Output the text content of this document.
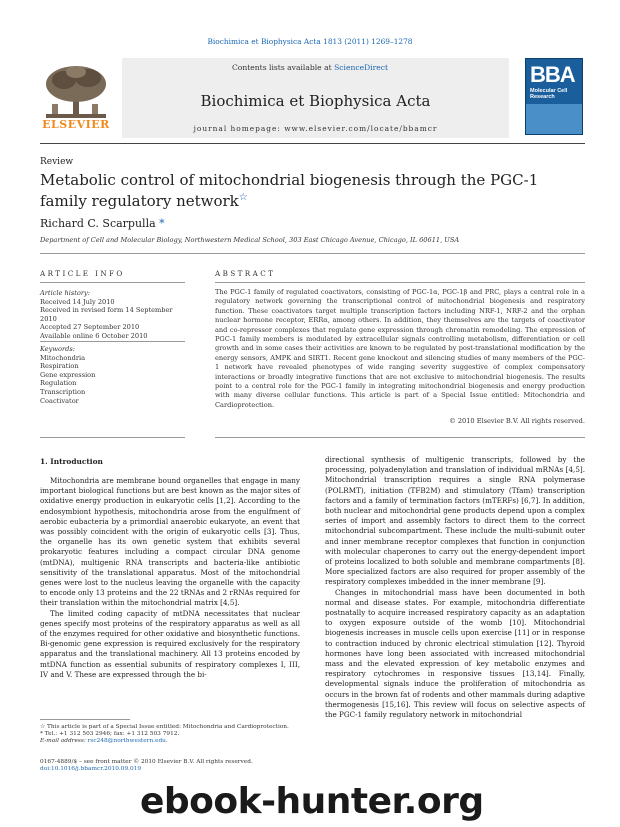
Biochimica et Biophysica Acta 1813 (2011) 1269–1278
Contents lists available at ScienceDirect
Biochimica et Biophysica Acta
journal homepage: www.elsevier.com/locate/bbamcr
ELSEVIER
BBA
Molecular Cell Research
Review
Metabolic control of mitochondrial biogenesis through the PGC-1 family regulatory network☆
Richard C. Scarpulla *
Department of Cell and Molecular Biology, Northwestern Medical School, 303 East Chicago Avenue, Chicago, IL 60611, USA
ARTICLE INFO
Article history:
Received 14 July 2010
Received in revised form 14 September 2010
Accepted 27 September 2010
Available online 6 October 2010
Keywords:
Mitochondria
Respiration
Gene expression
Regulation
Transcription
Coactivator
ABSTRACT
The PGC-1 family of regulated coactivators, consisting of PGC-1α, PGC-1β and PRC, plays a central role in a regulatory network governing the transcriptional control of mitochondrial biogenesis and respiratory function. These coactivators target multiple transcription factors including NRF-1, NRF-2 and the orphan nuclear hormone receptor, ERRα, among others. In addition, they themselves are the targets of coactivator and co-repressor complexes that regulate gene expression through chromatin remodeling. The expression of PGC-1 family members is modulated by extracellular signals controlling metabolism, differentiation or cell growth and in some cases their activities are known to be regulated by post-translational modification by the energy sensors, AMPK and SIRT1. Recent gene knockout and silencing studies of many members of the PGC-1 network have revealed phenotypes of wide ranging severity suggestive of complex compensatory interactions or broadly integrative functions that are not exclusive to mitochondrial biogenesis. The results point to a central role for the PGC-1 family in integrating mitochondrial biogenesis and energy production with many diverse cellular functions. This article is part of a Special Issue entitled: Mitochondria and Cardioprotection.
© 2010 Elsevier B.V. All rights reserved.
1. Introduction

Mitochondria are membrane bound organelles that engage in many important biological functions but are best known as the major sites of oxidative energy production in eukaryotic cells [1,2]. According to the endosymbiont hypothesis, mitochondria arose from the engulfment of aerobic eubacteria by a primordial anaerobic eukaryote, an event that was possibly coincident with the origin of eukaryotic cells [3]. Thus, the organelle has its own genetic system that exhibits several prokaryotic features including a compact circular DNA genome (mtDNA), multigenic RNA transcripts and bacteria-like antibiotic sensitivity of the translational apparatus. Most of the mitochondrial genes were lost to the nucleus leaving the organelle with the capacity to encode only 13 proteins and the 22 tRNAs and 2 rRNAs required for their translation within the mitochondrial matrix [4,5].

The limited coding capacity of mtDNA necessitates that nuclear genes specify most proteins of the respiratory apparatus as well as all of the enzymes required for other oxidative and biosynthetic functions. Bi-genomic gene expression is required exclusively for the respiratory apparatus and the translational machinery. All 13 proteins encoded by mtDNA function as essential subunits of respiratory complexes I, III, IV and V. These are expressed through the bi-

directional synthesis of multigenic transcripts, followed by the processing, polyadenylation and translation of individual mRNAs [4,5]. Mitochondrial transcription requires a single RNA polymerase (POLRMT), initiation (TFB2M) and stimulatory (Tfam) transcription factors and a family of termination factors (mTERFs) [6,7]. In addition, both nuclear and mitochondrial gene products depend upon a complex series of import and assembly factors to direct them to the correct mitochondrial subcompartment. These include the multi-subunit outer and inner membrane receptor complexes that function in conjunction with molecular chaperones to carry out the energy-dependent import of proteins localized to both soluble and membrane compartments [8]. More specialized factors are also required for proper assembly of the respiratory complexes imbedded in the inner membrane [9].

Changes in mitochondrial mass have been documented in both normal and disease states. For example, mitochondria differentiate postnatally to acquire increased respiratory capacity as an adaptation to oxygen exposure outside of the womb [10]. Mitochondrial biogenesis increases in muscle cells upon exercise [11] or in response to contraction induced by chronic electrical stimulation [12]. Thyroid hormones have long been associated with increased mitochondrial mass and the elevated expression of key metabolic enzymes and respiratory cytochromes in responsive tissues [13,14]. Finally, developmental signals induce the proliferation of mitochondria as occurs in the brown fat of rodents and other mammals during adaptive thermogenesis [15,16]. This review will focus on selective aspects of the PGC-1 family regulatory network in mitochondrial

☆ This article is part of a Special Issue entitled: Mitochondria and Cardioprotection.
* Tel.: +1 312 503 2946; fax: +1 312 503 7912.
E-mail address: rsc248@northwestern.edu.
0167-4889/$ – see front matter © 2010 Elsevier B.V. All rights reserved.
doi:10.1016/j.bbamcr.2010.09.019
ebook-hunter.org
